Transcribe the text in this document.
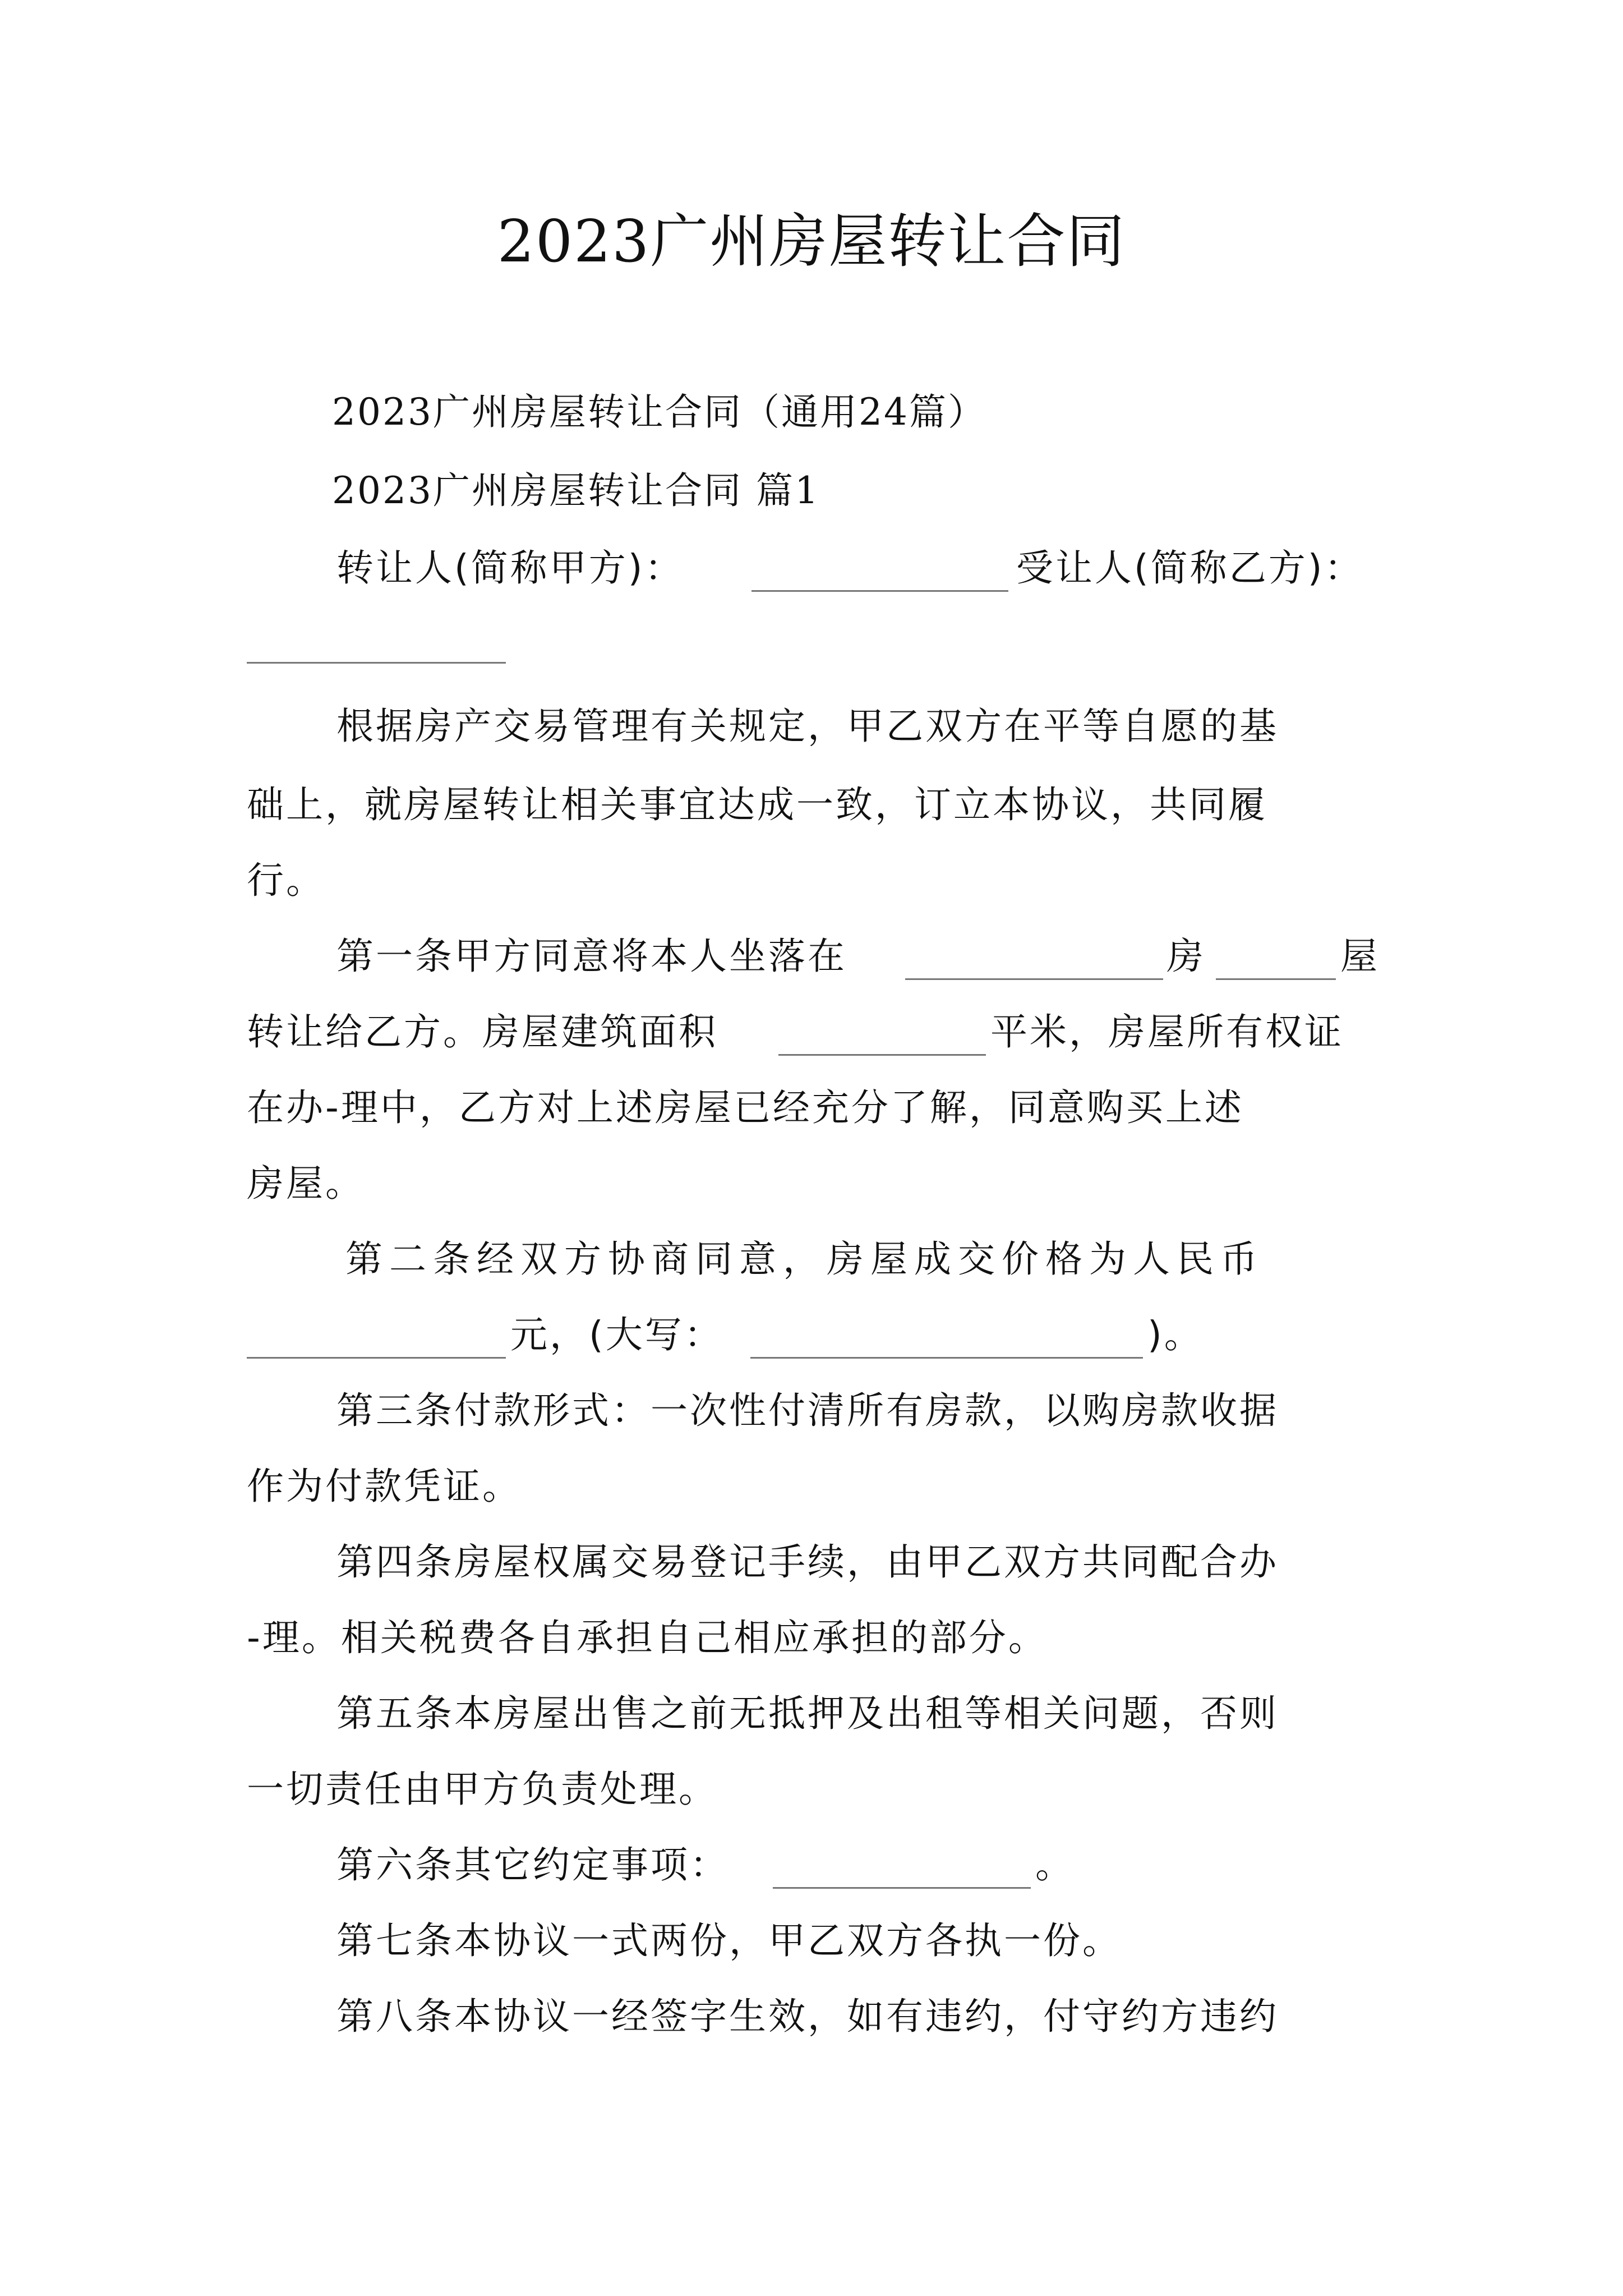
2023广州房屋转让合同
2023广州房屋转让合同（通用24篇）
2023广州房屋转让合同 篇1
转让人(简称甲方)：	受让人(简称乙方)：
根据房产交易管理有关规定，甲乙双方在平等自愿的基
础上，就房屋转让相关事宜达成一致，订立本协议，共同履
行。
第一条甲方同意将本人坐落在	房	屋
转让给乙方。房屋建筑面积	平米，房屋所有权证
在办-理中，乙方对上述房屋已经充分了解，同意购买上述
房屋。
第二条经双方协商同意，房屋成交价格为人民币
元，(大写：	)。
第三条付款形式：一次性付清所有房款，以购房款收据
作为付款凭证。
第四条房屋权属交易登记手续，由甲乙双方共同配合办
-理。相关税费各自承担自己相应承担的部分。
第五条本房屋出售之前无抵押及出租等相关问题，否则
一切责任由甲方负责处理。
第六条其它约定事项：	。
第七条本协议一式两份，甲乙双方各执一份。
第八条本协议一经签字生效，如有违约，付守约方违约
